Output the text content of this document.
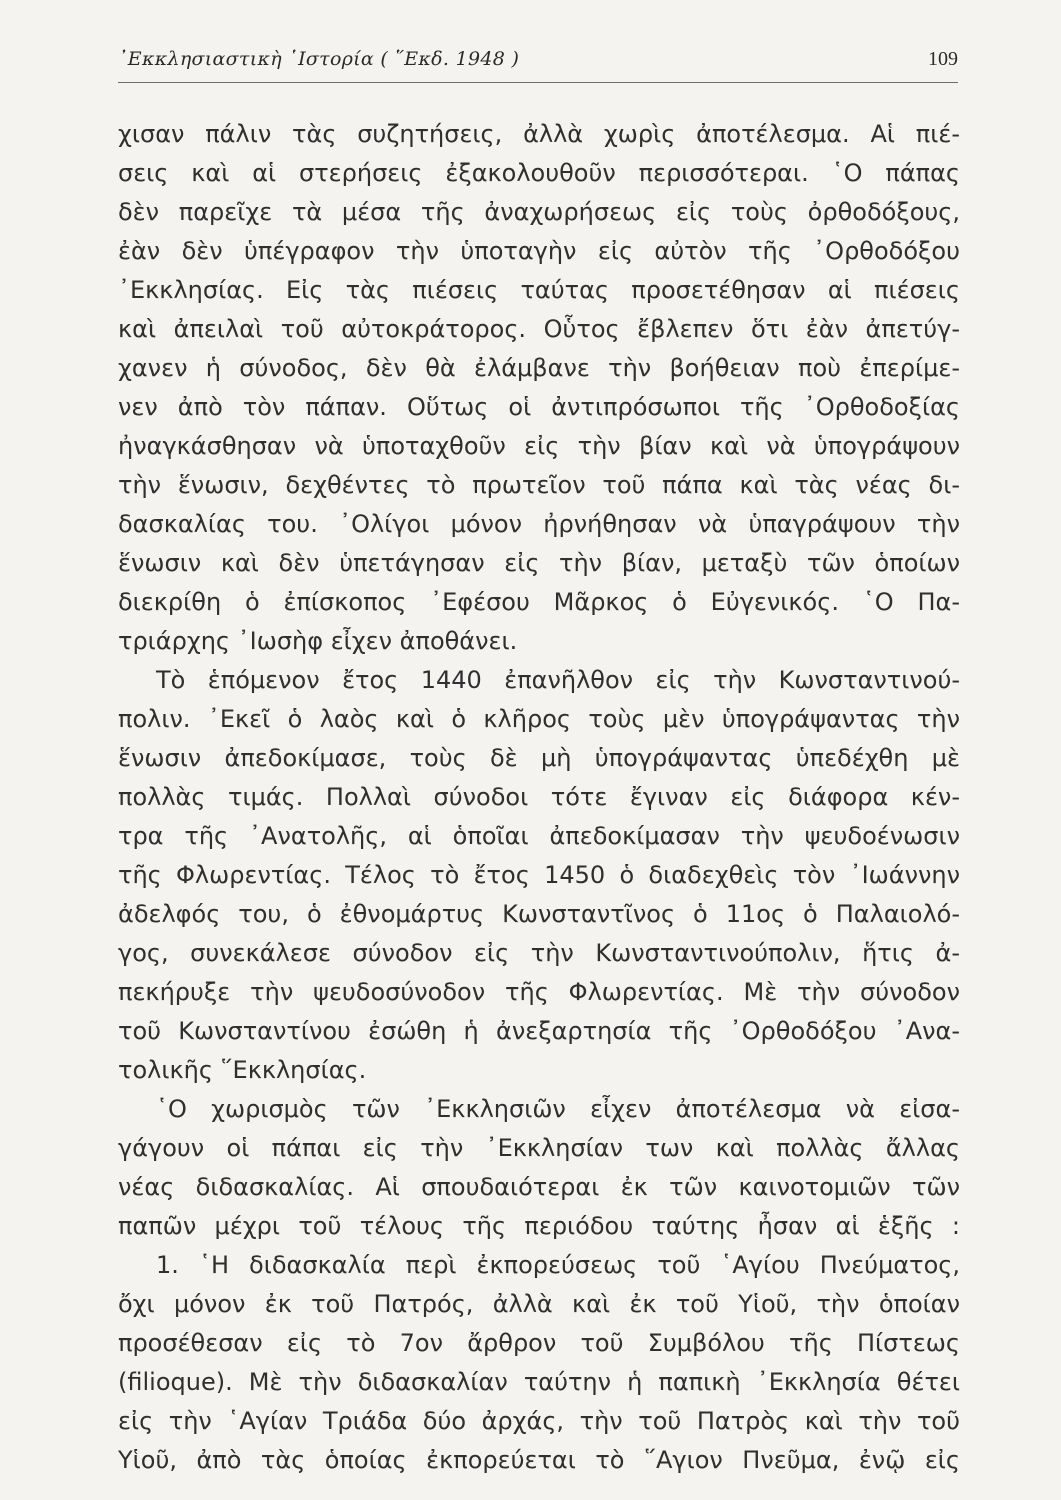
᾿Εκκλησιαστικὴ ῾Ιστορία ( ῞Εκδ. 1948 )	109
χισαν πάλιν τὰς συζητήσεις, ἀλλὰ χωρὶς ἀποτέλεσμα. Αἱ πιέ-
σεις καὶ αἱ στερήσεις ἐξακολουθοῦν περισσότεραι. ῾Ο πάπας
δὲν παρεῖχε τὰ μέσα τῆς ἀναχωρήσεως εἰς τοὺς ὀρθοδόξους,
ἐὰν δὲν ὑπέγραφον τὴν ὑποταγὴν εἰς αὐτὸν τῆς ᾿Ορθοδόξου
᾿Εκκλησίας. Εἰς τὰς πιέσεις ταύτας προσετέθησαν αἱ πιέσεις
καὶ ἀπειλαὶ τοῦ αὐτοκράτορος. Οὗτος ἔβλεπεν ὅτι ἐὰν ἀπετύγ-
χανεν ἡ σύνοδος, δὲν θὰ ἐλάμβανε τὴν βοήθειαν ποὺ ἐπερίμε-
νεν ἀπὸ τὸν πάπαν. Οὕτως οἱ ἀντιπρόσωποι τῆς ᾿Ορθοδοξίας
ἠναγκάσθησαν νὰ ὑποταχθοῦν εἰς τὴν βίαν καὶ νὰ ὑπογράψουν
τὴν ἕνωσιν, δεχθέντες τὸ πρωτεῖον τοῦ πάπα καὶ τὰς νέας δι-
δασκαλίας του. ᾿Ολίγοι μόνον ἠρνήθησαν νὰ ὑπαγράψουν τὴν
ἕνωσιν καὶ δὲν ὑπετάγησαν εἰς τὴν βίαν, μεταξὺ τῶν ὁποίων
διεκρίθη ὁ ἐπίσκοπος ᾿Εφέσου Μᾶρκος ὁ Εὐγενικός. ῾Ο Πα-
τριάρχης ᾿Ιωσὴφ εἶχεν ἀποθάνει.
Τὸ ἑπόμενον ἔτος 1440 ἐπανῆλθον εἰς τὴν Κωνσταντινού-
πολιν. ᾿Εκεῖ ὁ λαὸς καὶ ὁ κλῆρος τοὺς μὲν ὑπογράψαντας τὴν
ἕνωσιν ἀπεδοκίμασε, τοὺς δὲ μὴ ὑπογράψαντας ὑπεδέχθη μὲ
πολλὰς τιμάς. Πολλαὶ σύνοδοι τότε ἔγιναν εἰς διάφορα κέν-
τρα τῆς ᾿Ανατολῆς, αἱ ὁποῖαι ἀπεδοκίμασαν τὴν ψευδοένωσιν
τῆς Φλωρεντίας. Τέλος τὸ ἔτος 1450 ὁ διαδεχθεὶς τὸν ᾿Ιωάννην
ἀδελφός του, ὁ ἐθνομάρτυς Κωνσταντῖνος ὁ 11ος ὁ Παλαιολό-
γος, συνεκάλεσε σύνοδον εἰς τὴν Κωνσταντινούπολιν, ἥτις ἀ-
πεκήρυξε τὴν ψευδοσύνοδον τῆς Φλωρεντίας. Μὲ τὴν σύνοδον
τοῦ Κωνσταντίνου ἐσώθη ἡ ἀνεξαρτησία τῆς ᾿Ορθοδόξου ᾿Ανα-
τολικῆς ῞Εκκλησίας.
῾Ο χωρισμὸς τῶν ᾿Εκκλησιῶν εἶχεν ἀποτέλεσμα νὰ εἰσα-
γάγουν οἱ πάπαι εἰς τὴν ᾿Εκκλησίαν των καὶ πολλὰς ἄλλας
νέας διδασκαλίας. Αἱ σπουδαιότεραι ἐκ τῶν καινοτομιῶν τῶν
παπῶν μέχρι τοῦ τέλους τῆς περιόδου ταύτης ἦσαν αἱ ἑξῆς :
1. ῾Η διδασκαλία περὶ ἐκπορεύσεως τοῦ ῾Αγίου Πνεύματος,
ὄχι μόνον ἐκ τοῦ Πατρός, ἀλλὰ καὶ ἐκ τοῦ Υἱοῦ, τὴν ὁποίαν
προσέθεσαν εἰς τὸ 7ον ἄρθρον τοῦ Συμβόλου τῆς Πίστεως
(filioque). Μὲ τὴν διδασκαλίαν ταύτην ἡ παπικὴ ᾿Εκκλησία θέτει
εἰς τὴν ῾Αγίαν Τριάδα δύο ἀρχάς, τὴν τοῦ Πατρὸς καὶ τὴν τοῦ
Υἱοῦ, ἀπὸ τὰς ὁποίας ἐκπορεύεται τὸ ῞Αγιον Πνεῦμα, ἐνῷ εἰς
